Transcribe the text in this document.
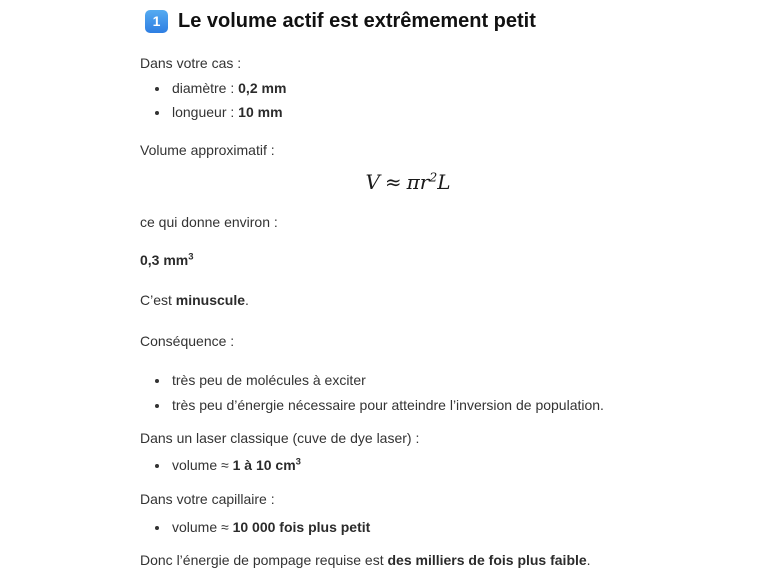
1 Le volume actif est extrêmement petit

Dans votre cas :

• diamètre : 0,2 mm
• longueur : 10 mm

Volume approximatif :

$V \approx \pi r^2L$

ce qui donne environ :

0,3 $mm^3$

C’est minuscule.

Conséquence :

• très peu de molécules à exciter
• très peu d’énergie nécessaire pour atteindre l’inversion de population.

Dans un laser classique (cuve de dye laser) :

• volume ≈ 1 à 10 $cm^3$

Dans votre capillaire :

• volume ≈ 10 000 fois plus petit

Donc l’énergie de pompage requise est des milliers de fois plus faible.
